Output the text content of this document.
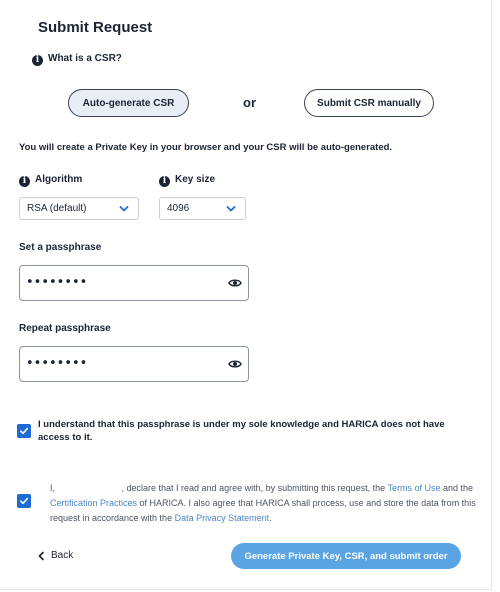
Submit Request
i What is a CSR?
Auto-generate CSR	or	Submit CSR manually
You will create a Private Key in your browser and your CSR will be auto-generated.
i Algorithm
RSA (default)
i Key size
4096
Set a passphrase
••••••••
Repeat passphrase
••••••••
I understand that this passphrase is under my sole knowledge and HARICA does not have access to it.
I,	, declare that I read and agree with, by submitting this request, the Terms of Use and the Certification Practices of HARICA. I also agree that HARICA shall process, use and store the data from this request in accordance with the Data Privacy Statement.
Back	Generate Private Key, CSR, and submit order
